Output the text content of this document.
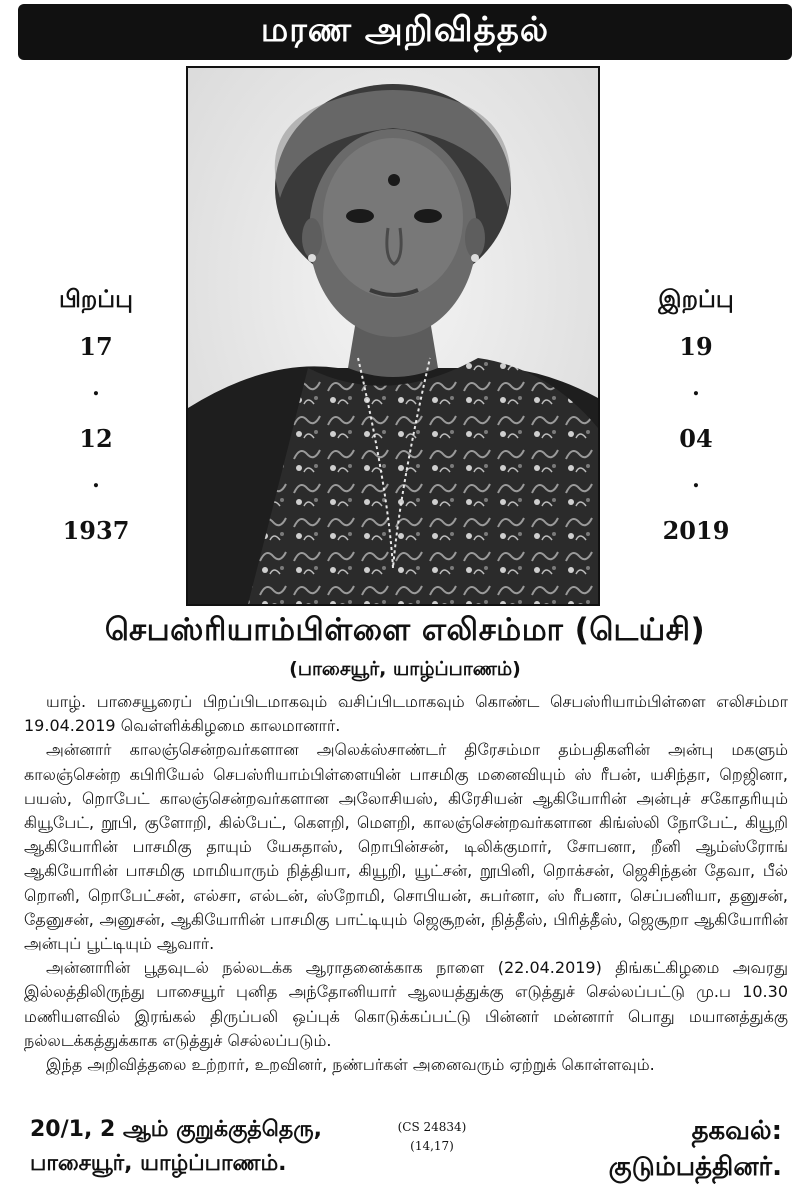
மரண அறிவித்தல்
பிறப்பு
17
.
12
.
1937
இறப்பு
19
.
04
.
2019
செபஸ்ரியாம்பிள்ளை எலிசம்மா (டெய்சி)
(பாசையூர், யாழ்ப்பாணம்)

யாழ். பாசையூரைப் பிறப்பிடமாகவும் வசிப்பிடமாகவும் கொண்ட செபஸ்ரியாம்பிள்ளை எலிசம்மா 19.04.2019 வெள்ளிக்கிழமை காலமானார்.

அன்னார் காலஞ்சென்றவர்களான அலெக்ஸ்சாண்டர் திரேசம்மா தம்பதிகளின் அன்பு மகளும் காலஞ்சென்ற கபிரியேல் செபஸ்ரியாம்பிள்ளையின் பாசமிகு மனைவியும் ஸ் ரீபன், யசிந்தா, றெஜினா, பயஸ், றொபேட் காலஞ்சென்றவர்களான அலோசியஸ், கிரேசியன் ஆகியோரின் அன்புச் சகோதரியும் கியூபேட், றூபி, குளோறி, கில்பேட், கௌறி, மௌறி, காலஞ்சென்றவர்களான கிங்ஸ்லி நோபேட், கியூறி ஆகியோரின் பாசமிகு தாயும் யேசுதாஸ், றொபின்சன், டிலிக்குமார், சோபனா, றீனி ஆம்ஸ்ரோங் ஆகியோரின் பாசமிகு மாமியாரும் நித்தியா, கியூறி, யூட்சன், றூபினி, றொக்சன், ஜெசிந்தன் தேவா, பீல் றொனி, றொபேட்சன், எல்சா, எல்டன், ஸ்றோமி, சொபியன், சுபர்னா, ஸ் ரீபனா, செப்பனியா, தனுசன், தேனுசன், அனுசன், ஆகியோரின் பாசமிகு பாட்டியும் ஜெசூறன், நித்தீஸ், பிரித்தீஸ், ஜெசூறா ஆகியோரின் அன்புப் பூட்டியும் ஆவார்.

அன்னாரின் பூதவுடல் நல்லடக்க ஆராதனைக்காக நாளை (22.04.2019) திங்கட்கிழமை அவரது இல்லத்திலிருந்து பாசையூர் புனித அந்தோனியார் ஆலயத்துக்கு எடுத்துச் செல்லப்பட்டு மு.ப 10.30 மணியளவில் இரங்கல் திருப்பலி ஒப்புக் கொடுக்கப்பட்டு பின்னர் மன்னார் பொது மயானத்துக்கு நல்லடக்கத்துக்காக எடுத்துச் செல்லப்படும்.

இந்த அறிவித்தலை உற்றார், உறவினர், நண்பர்கள் அனைவரும் ஏற்றுக் கொள்ளவும்.

20/1, 2 ஆம் குறுக்குத்தெரு,
பாசையூர், யாழ்ப்பாணம்.
(CS 24834)
(14,17)	தகவல்:
குடும்பத்தினர்.
